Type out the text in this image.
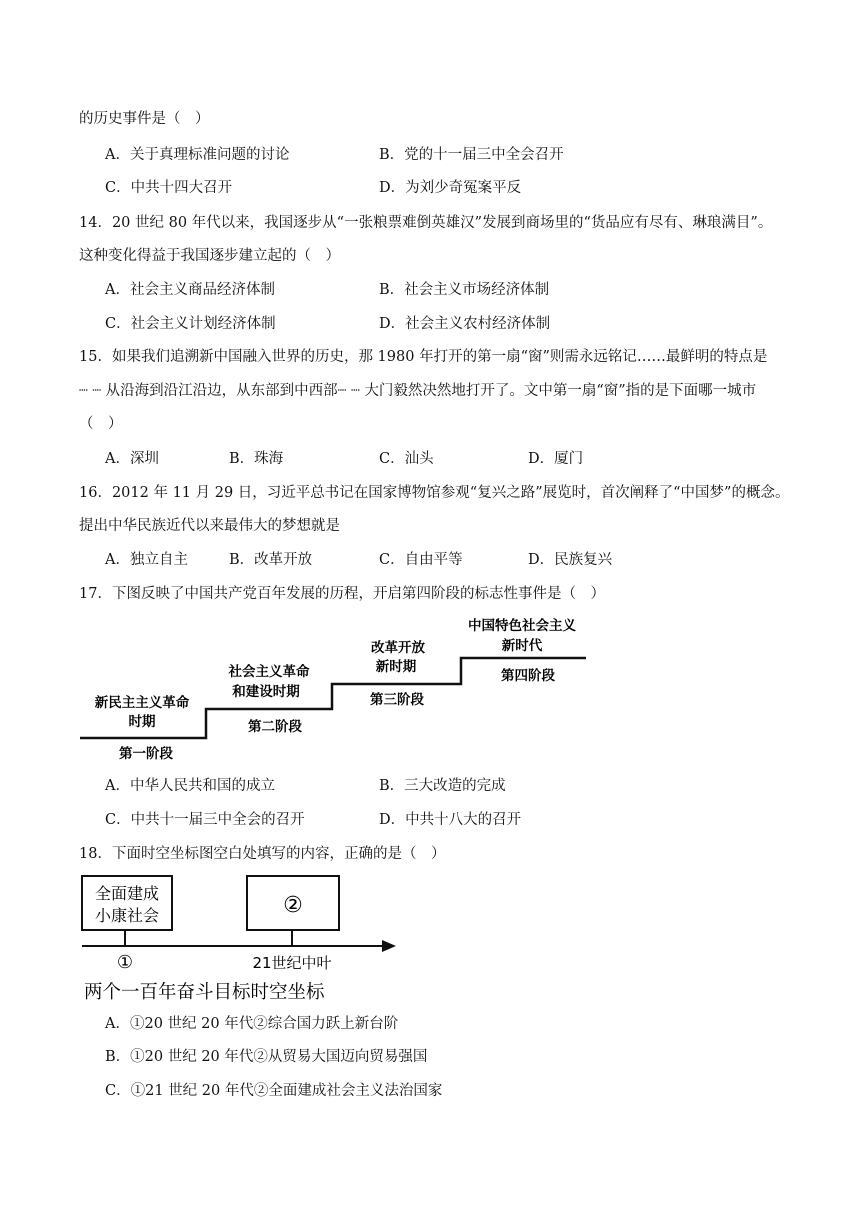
的历史事件是（　）
A．关于真理标准问题的讨论	B．党的十一届三中全会召开
C．中共十四大召开	D．为刘少奇冤案平反
14．20 世纪 80 年代以来，我国逐步从“一张粮票难倒英雄汉”发展到商场里的“货品应有尽有、琳琅满目”。
这种变化得益于我国逐步建立起的（　）
A．社会主义商品经济体制	B．社会主义市场经济体制
C．社会主义计划经济体制	D．社会主义农村经济体制
15．如果我们追溯新中国融入世界的历史，那 1980 年打开的第一扇“窗”则需永远铭记……最鲜明的特点是
┈ ┈ 从沿海到沿江沿边，从东部到中西部┈ ┈ 大门毅然决然地打开了。文中第一扇“窗”指的是下面哪一城市
（　）
A．深圳	B．珠海	C．汕头	D．厦门
16．2012 年 11 月 29 日，习近平总书记在国家博物馆参观“复兴之路”展览时，首次阐释了“中国梦”的概念。
提出中华民族近代以来最伟大的梦想就是
A．独立自主	B．改革开放	C．自由平等	D．民族复兴
17．下图反映了中国共产党百年发展的历程，开启第四阶段的标志性事件是（　）
新民主主义革命
时期
第一阶段
社会主义革命
和建设时期
第二阶段
改革开放
新时期
第三阶段
中国特色社会主义
新时代
第四阶段
A．中华人民共和国的成立	B．三大改造的完成
C．中共十一届三中全会的召开	D．中共十八大的召开
18．下面时空坐标图空白处填写的内容，正确的是（　）
全面建成
小康社会	②
①	21世纪中叶
两个一百年奋斗目标时空坐标
A．①20 世纪 20 年代②综合国力跃上新台阶
B．①20 世纪 20 年代②从贸易大国迈向贸易强国
C．①21 世纪 20 年代②全面建成社会主义法治国家
